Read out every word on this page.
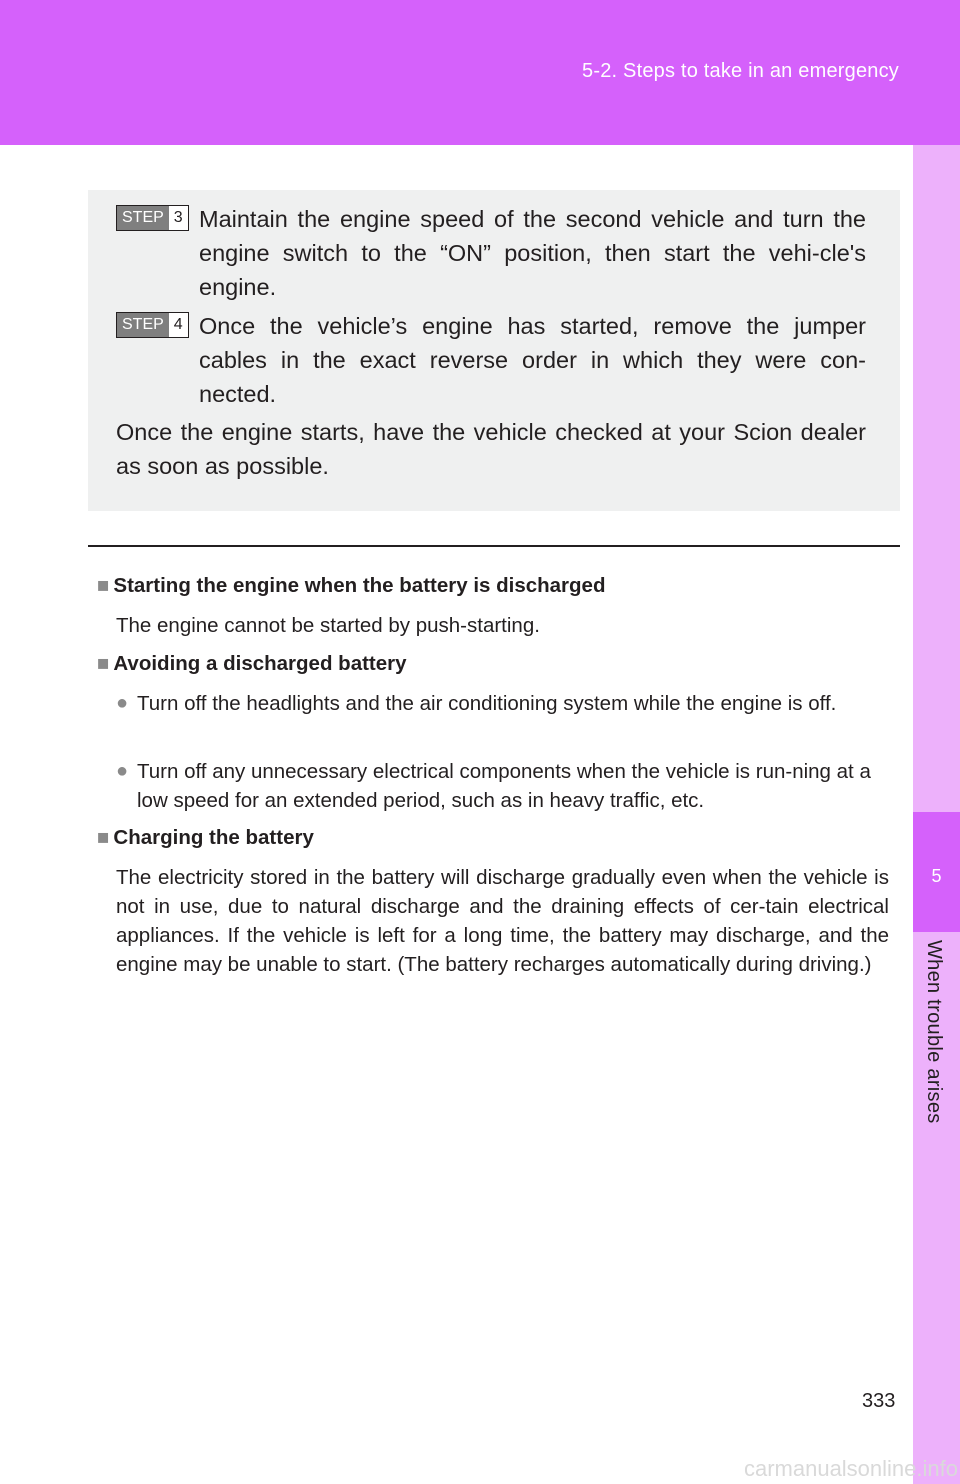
5-2. Steps to take in an emergency
5
When trouble arises
STEP 3 Maintain the engine speed of the second vehicle and turn the engine switch to the “ON” position, then start the vehi-cle's engine.
STEP 4 Once the vehicle’s engine has started, remove the jumper cables in the exact reverse order in which they were con-nected.
Once the engine starts, have the vehicle checked at your Scion dealer as soon as possible.
■ Starting the engine when the battery is discharged
The engine cannot be started by push-starting.
■ Avoiding a discharged battery
● Turn off the headlights and the air conditioning system while the engine is off.
● Turn off any unnecessary electrical components when the vehicle is run-ning at a low speed for an extended period, such as in heavy traffic, etc.
■ Charging the battery
The electricity stored in the battery will discharge gradually even when the vehicle is not in use, due to natural discharge and the draining effects of cer-tain electrical appliances. If the vehicle is left for a long time, the battery may discharge, and the engine may be unable to start. (The battery recharges automatically during driving.)
333
carmanualsonline.info
